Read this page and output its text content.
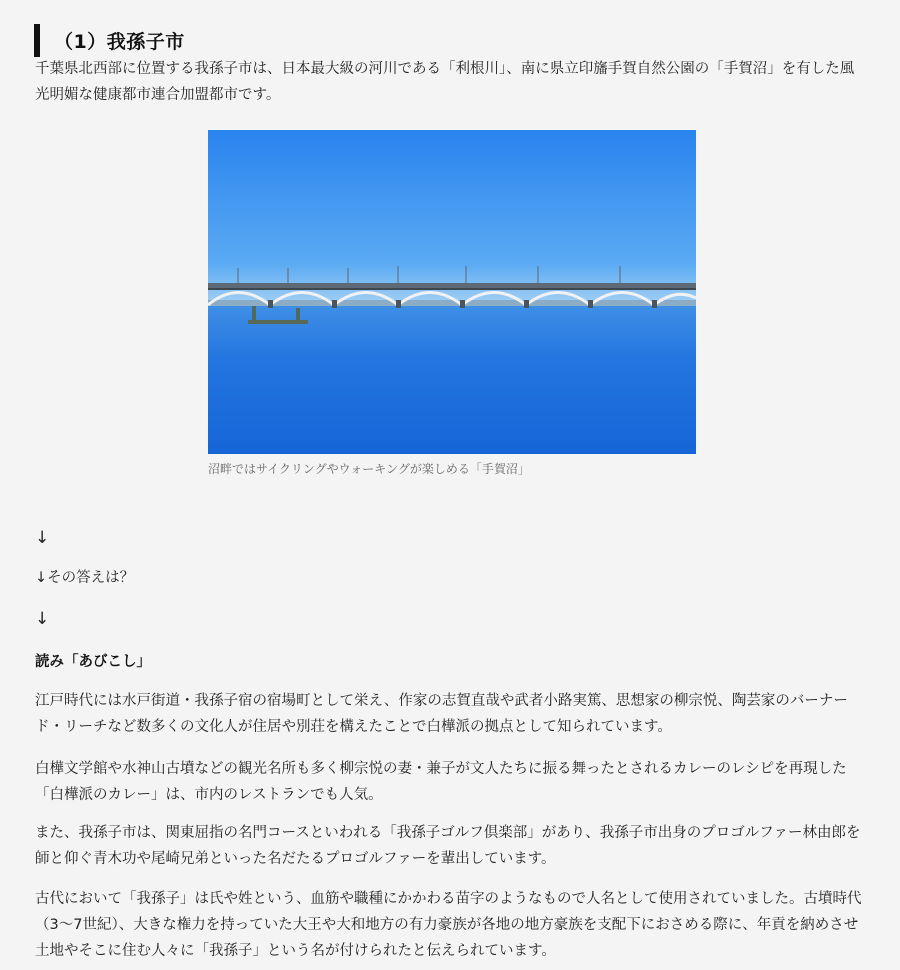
（1）我孫子市

千葉県北西部に位置する我孫子市は、日本最大級の河川である「利根川」、南に県立印旛手賀自然公園の「手賀沼」を有した風光明媚な健康都市連合加盟都市です。

沼畔ではサイクリングやウォーキングが楽しめる「手賀沼」
↓
↓その答えは？
↓
読み「あびこし」

江戸時代には水戸街道・我孫子宿の宿場町として栄え、作家の志賀直哉や武者小路実篤、思想家の柳宗悦、陶芸家のバーナード・リーチなど数多くの文化人が住居や別荘を構えたことで白樺派の拠点として知られています。

白樺文学館や水神山古墳などの観光名所も多く柳宗悦の妻・兼子が文人たちに振る舞ったとされるカレーのレシピを再現した「白樺派のカレー」は、市内のレストランでも人気。

また、我孫子市は、関東屈指の名門コースといわれる「我孫子ゴルフ倶楽部」があり、我孫子市出身のプロゴルファー林由郎を師と仰ぐ青木功や尾崎兄弟といった名だたるプロゴルファーを輩出しています。

古代において「我孫子」は氏や姓という、血筋や職種にかかわる苗字のようなもので人名として使用されていました。古墳時代（3〜7世紀）、大きな権力を持っていた大王や大和地方の有力豪族が各地の地方豪族を支配下におさめる際に、年貢を納めさせ土地やそこに住む人々に「我孫子」という名が付けられたと伝えられています。
